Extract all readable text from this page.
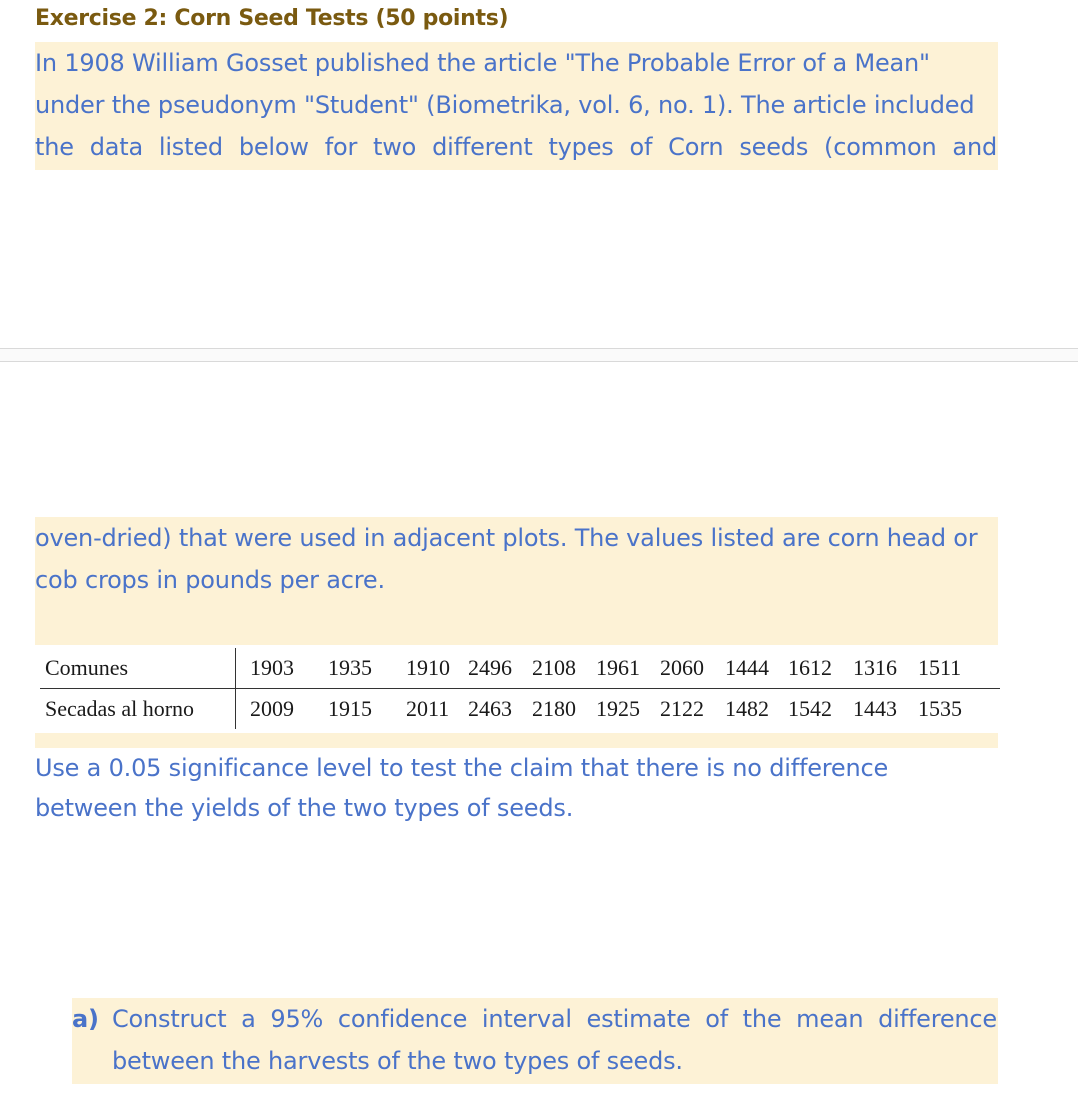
Exercise 2: Corn Seed Tests (50 points)
In 1908 William Gosset published the article "The Probable Error of a Mean"
under the pseudonym "Student" (Biometrika, vol. 6, no. 1). The article included
the data listed below for two different types of Corn seeds (common and
oven-dried) that were used in adjacent plots. The values listed are corn head or
cob crops in pounds per acre.
Comunes	1903	1935	1910 2496 2108 1961 2060 1444 1612 1316 1511
Secadas al horno	2009	1915	2011 2463 2180 1925 2122 1482 1542 1443 1535
Use a 0.05 significance level to test the claim that there is no difference
between the yields of the two types of seeds.
a) Construct a 95% confidence interval estimate of the mean difference
between the harvests of the two types of seeds.
